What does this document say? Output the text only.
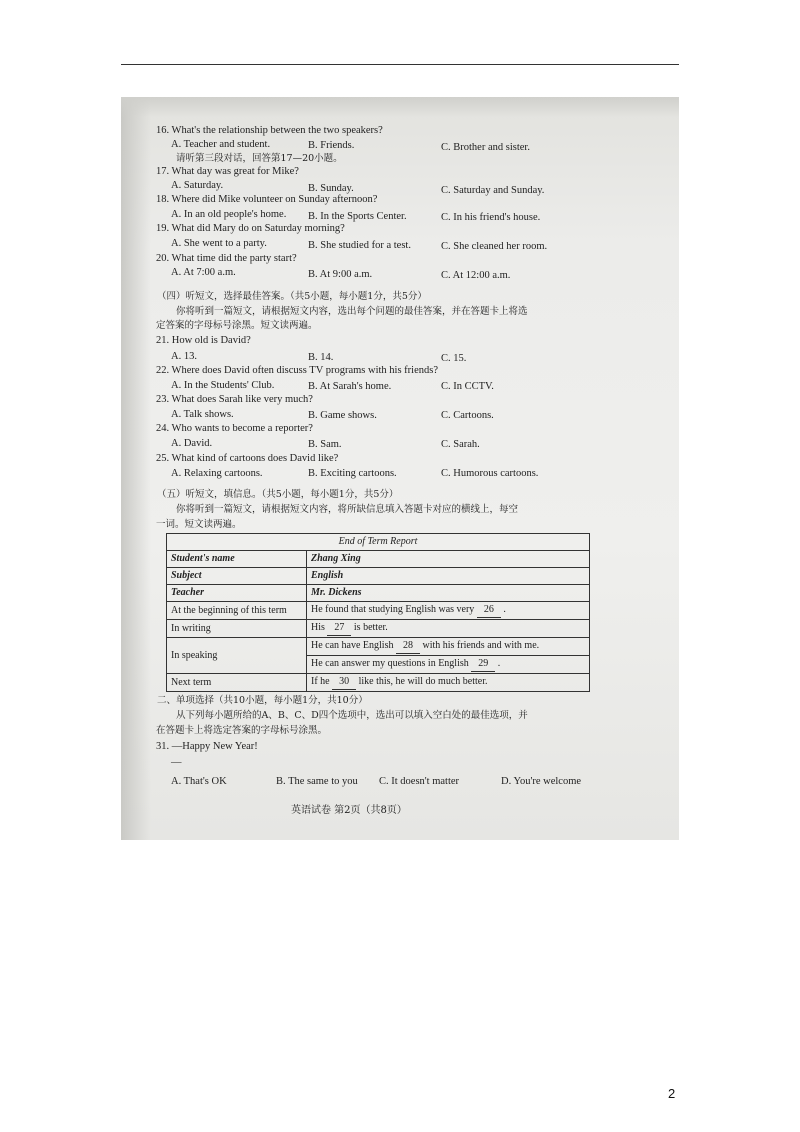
16. What's the relationship between the two speakers?
A. Teacher and student.	B. Friends.	C. Brother and sister.
请听第三段对话，回答第17—20小题。
17. What day was great for Mike?
A. Saturday.	B. Sunday.	C. Saturday and Sunday.
18. Where did Mike volunteer on Sunday afternoon?
A. In an old people's home. B. In the Sports Center.	C. In his friend's house.
19. What did Mary do on Saturday morning?
A. She went to a party.	B. She studied for a test.	C. She cleaned her room.
20. What time did the party start?
A. At 7:00 a.m.	B. At 9:00 a.m.	C. At 12:00 a.m.
（四）听短文，选择最佳答案。（共5小题，每小题1分，共5分）
你将听到一篇短文，请根据短文内容，选出每个问题的最佳答案，并在答题卡上将选
定答案的字母标号涂黑。短文读两遍。
21. How old is David?
A. 13.	B. 14.	C. 15.
22. Where does David often discuss TV programs with his friends?
A. In the Students' Club.	B. At Sarah's home.	C. In CCTV.
23. What does Sarah like very much?
A. Talk shows.	B. Game shows.	C. Cartoons.
24. Who wants to become a reporter?
A. David.	B. Sam.	C. Sarah.
25. What kind of cartoons does David like?
A. Relaxing cartoons.	B. Exciting cartoons.	C. Humorous cartoons.
（五）听短文，填信息。（共5小题，每小题1分，共5分）
你将听到一篇短文，请根据短文内容，将所缺信息填入答题卡对应的横线上，每空
一词。短文读两遍。
End of Term Report	
Student's name	Zhang Xing
Subject	English
Teacher	Mr. Dickens
At the beginning of this term	He found that studying English was very 26 .
In writing	His 27 is better.
In speaking	He can have English 28 with his friends and with me.
	He can answer my questions in English 29 .
Next term	If he 30 like this, he will do much better.
二、单项选择（共10小题，每小题1分，共10分）
从下列每小题所给的A、B、C、D四个选项中，选出可以填入空白处的最佳选项，并
在答题卡上将选定答案的字母标号涂黑。
31. —Happy New Year!
—
A. That's OK	B. The same to you C. It doesn't matter	D. You're welcome
英语试卷 第2页（共8页）
2
